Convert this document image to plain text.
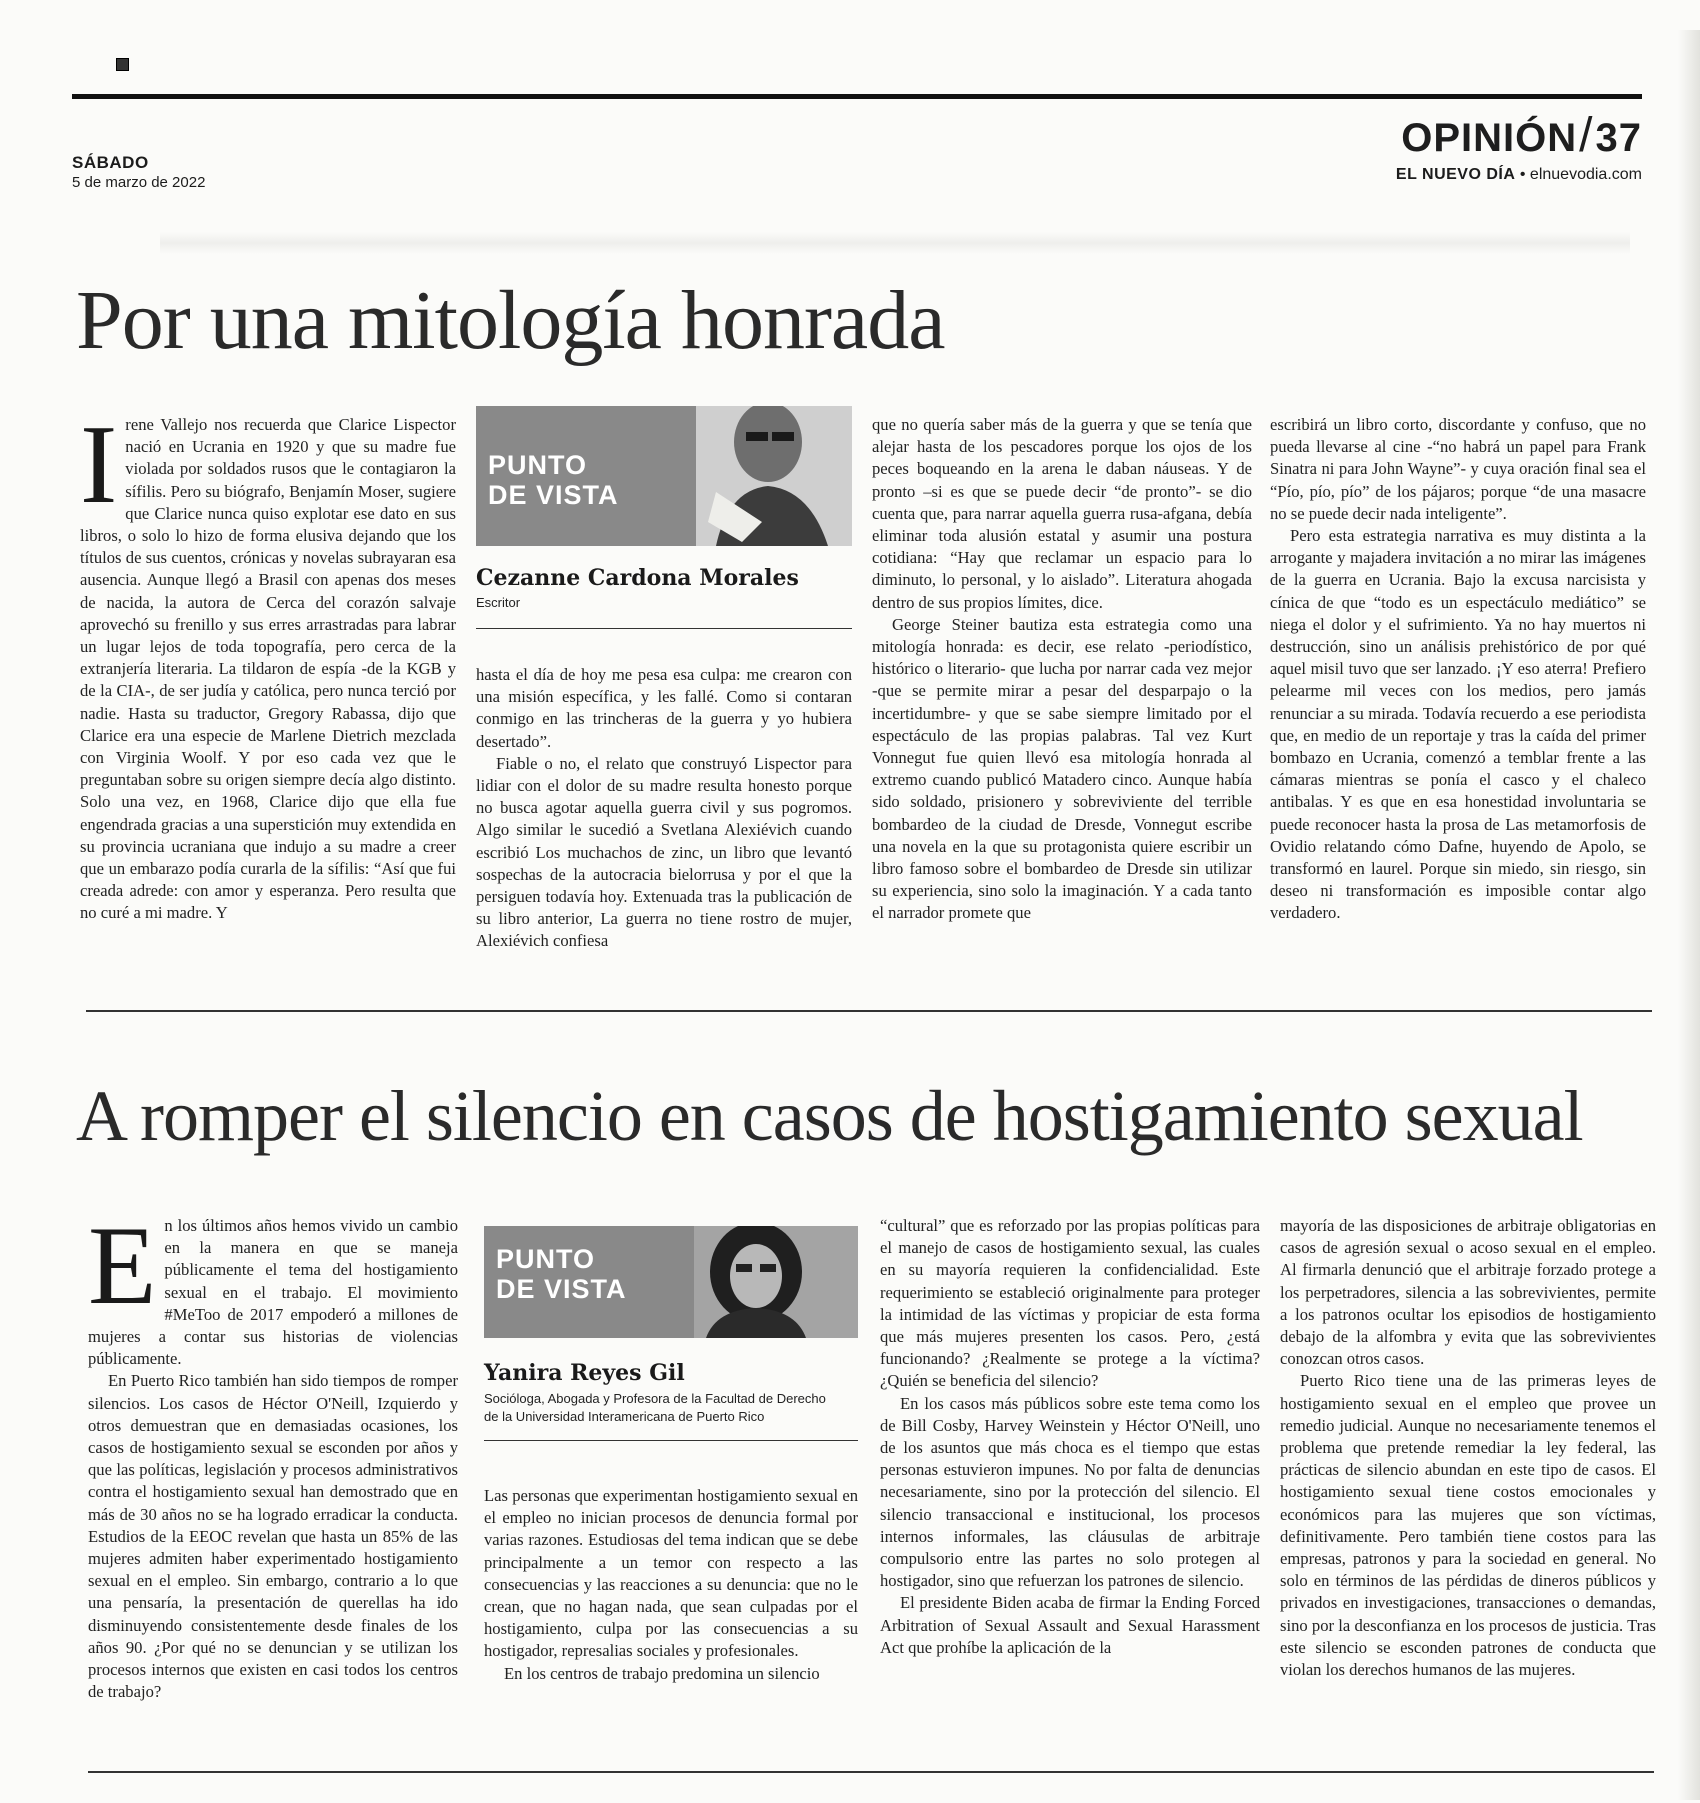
SÁBADO
5 de marzo de 2022
OPINIÓN/37
EL NUEVO DÍA • elnuevodia.com
Por una mitología honrada

Irene Vallejo nos recuerda que Clarice Lispector nació en Ucrania en 1920 y que su madre fue violada por soldados rusos que le contagiaron la sífilis. Pero su biógrafo, Benjamín Moser, sugiere que Clarice nunca quiso explotar ese dato en sus libros, o solo lo hizo de forma elusiva dejando que los títulos de sus cuentos, crónicas y novelas subrayaran esa ausencia. Aunque llegó a Brasil con apenas dos meses de nacida, la autora de Cerca del corazón salvaje aprovechó su frenillo y sus erres arrastradas para labrar un lugar lejos de toda topografía, pero cerca de la extranjería literaria. La tildaron de espía -de la KGB y de la CIA-, de ser judía y católica, pero nunca terció por nadie. Hasta su traductor, Gregory Rabassa, dijo que Clarice era una especie de Marlene Dietrich mezclada con Virginia Woolf. Y por eso cada vez que le preguntaban sobre su origen siempre decía algo distinto. Solo una vez, en 1968, Clarice dijo que ella fue engendrada gracias a una superstición muy extendida en su provincia ucraniana que indujo a su madre a creer que un embarazo podía curarla de la sífilis: “Así que fui creada adrede: con amor y esperanza. Pero resulta que no curé a mi madre. Y

PUNTO
DE VISTA
Cezanne Cardona Morales
Escritor

hasta el día de hoy me pesa esa culpa: me crearon con una misión específica, y les fallé. Como si contaran conmigo en las trincheras de la guerra y yo hubiera desertado”.

Fiable o no, el relato que construyó Lispector para lidiar con el dolor de su madre resulta honesto porque no busca agotar aquella guerra civil y sus pogromos. Algo similar le sucedió a Svetlana Alexiévich cuando escribió Los muchachos de zinc, un libro que levantó sospechas de la autocracia bielorrusa y por el que la persiguen todavía hoy. Extenuada tras la publicación de su libro anterior, La guerra no tiene rostro de mujer, Alexiévich confiesa

que no quería saber más de la guerra y que se tenía que alejar hasta de los pescadores porque los ojos de los peces boqueando en la arena le daban náuseas. Y de pronto –si es que se puede decir “de pronto”- se dio cuenta que, para narrar aquella guerra rusa-afgana, debía eliminar toda alusión estatal y asumir una postura cotidiana: “Hay que reclamar un espacio para lo diminuto, lo personal, y lo aislado”. Literatura ahogada dentro de sus propios límites, dice.

George Steiner bautiza esta estrategia como una mitología honrada: es decir, ese relato -periodístico, histórico o literario- que lucha por narrar cada vez mejor -que se permite mirar a pesar del desparpajo o la incertidumbre- y que se sabe siempre limitado por el espectáculo de las propias palabras. Tal vez Kurt Vonnegut fue quien llevó esa mitología honrada al extremo cuando publicó Matadero cinco. Aunque había sido soldado, prisionero y sobreviviente del terrible bombardeo de la ciudad de Dresde, Vonnegut escribe una novela en la que su protagonista quiere escribir un libro famoso sobre el bombardeo de Dresde sin utilizar su experiencia, sino solo la imaginación. Y a cada tanto el narrador promete que

escribirá un libro corto, discordante y confuso, que no pueda llevarse al cine -“no habrá un papel para Frank Sinatra ni para John Wayne”- y cuya oración final sea el “Pío, pío, pío” de los pájaros; porque “de una masacre no se puede decir nada inteligente”.

Pero esta estrategia narrativa es muy distinta a la arrogante y majadera invitación a no mirar las imágenes de la guerra en Ucrania. Bajo la excusa narcisista y cínica de que “todo es un espectáculo mediático” se niega el dolor y el sufrimiento. Ya no hay muertos ni destrucción, sino un análisis prehistórico de por qué aquel misil tuvo que ser lanzado. ¡Y eso aterra! Prefiero pelearme mil veces con los medios, pero jamás renunciar a su mirada. Todavía recuerdo a ese periodista que, en medio de un reportaje y tras la caída del primer bombazo en Ucrania, comenzó a temblar frente a las cámaras mientras se ponía el casco y el chaleco antibalas. Y es que en esa honestidad involuntaria se puede reconocer hasta la prosa de Las metamorfosis de Ovidio relatando cómo Dafne, huyendo de Apolo, se transformó en laurel. Porque sin miedo, sin riesgo, sin deseo ni transformación es imposible contar algo verdadero.

A romper el silencio en casos de hostigamiento sexual

En los últimos años hemos vivido un cambio en la manera en que se maneja públicamente el tema del hostigamiento sexual en el trabajo. El movimiento #MeToo de 2017 empoderó a millones de mujeres a contar sus historias de violencias públicamente.

En Puerto Rico también han sido tiempos de romper silencios. Los casos de Héctor O'Neill, Izquierdo y otros demuestran que en demasiadas ocasiones, los casos de hostigamiento sexual se esconden por años y que las políticas, legislación y procesos administrativos contra el hostigamiento sexual han demostrado que en más de 30 años no se ha logrado erradicar la conducta. Estudios de la EEOC revelan que hasta un 85% de las mujeres admiten haber experimentado hostigamiento sexual en el empleo. Sin embargo, contrario a lo que una pensaría, la presentación de querellas ha ido disminuyendo consistentemente desde finales de los años 90. ¿Por qué no se denuncian y se utilizan los procesos internos que existen en casi todos los centros de trabajo?

PUNTO
DE VISTA
Yanira Reyes Gil
Socióloga, Abogada y Profesora de la Facultad de Derecho
de la Universidad Interamericana de Puerto Rico

Las personas que experimentan hostigamiento sexual en el empleo no inician procesos de denuncia formal por varias razones. Estudiosas del tema indican que se debe principalmente a un temor con respecto a las consecuencias y las reacciones a su denuncia: que no le crean, que no hagan nada, que sean culpadas por el hostigamiento, culpa por las consecuencias a su hostigador, represalias sociales y profesionales.

En los centros de trabajo predomina un silencio

“cultural” que es reforzado por las propias políticas para el manejo de casos de hostigamiento sexual, las cuales en su mayoría requieren la confidencialidad. Este requerimiento se estableció originalmente para proteger la intimidad de las víctimas y propiciar de esta forma que más mujeres presenten los casos. Pero, ¿está funcionando? ¿Realmente se protege a la víctima? ¿Quién se beneficia del silencio?

En los casos más públicos sobre este tema como los de Bill Cosby, Harvey Weinstein y Héctor O'Neill, uno de los asuntos que más choca es el tiempo que estas personas estuvieron impunes. No por falta de denuncias necesariamente, sino por la protección del silencio. El silencio transaccional e institucional, los procesos internos informales, las cláusulas de arbitraje compulsorio entre las partes no solo protegen al hostigador, sino que refuerzan los patrones de silencio.

El presidente Biden acaba de firmar la Ending Forced Arbitration of Sexual Assault and Sexual Harassment Act que prohíbe la aplicación de la

mayoría de las disposiciones de arbitraje obligatorias en casos de agresión sexual o acoso sexual en el empleo. Al firmarla denunció que el arbitraje forzado protege a los perpetradores, silencia a las sobrevivientes, permite a los patronos ocultar los episodios de hostigamiento debajo de la alfombra y evita que las sobrevivientes conozcan otros casos.

Puerto Rico tiene una de las primeras leyes de hostigamiento sexual en el empleo que provee un remedio judicial. Aunque no necesariamente tenemos el problema que pretende remediar la ley federal, las prácticas de silencio abundan en este tipo de casos. El hostigamiento sexual tiene costos emocionales y económicos para las mujeres que son víctimas, definitivamente. Pero también tiene costos para las empresas, patronos y para la sociedad en general. No solo en términos de las pérdidas de dineros públicos y privados en investigaciones, transacciones o demandas, sino por la desconfianza en los procesos de justicia. Tras este silencio se esconden patrones de conducta que violan los derechos humanos de las mujeres.
